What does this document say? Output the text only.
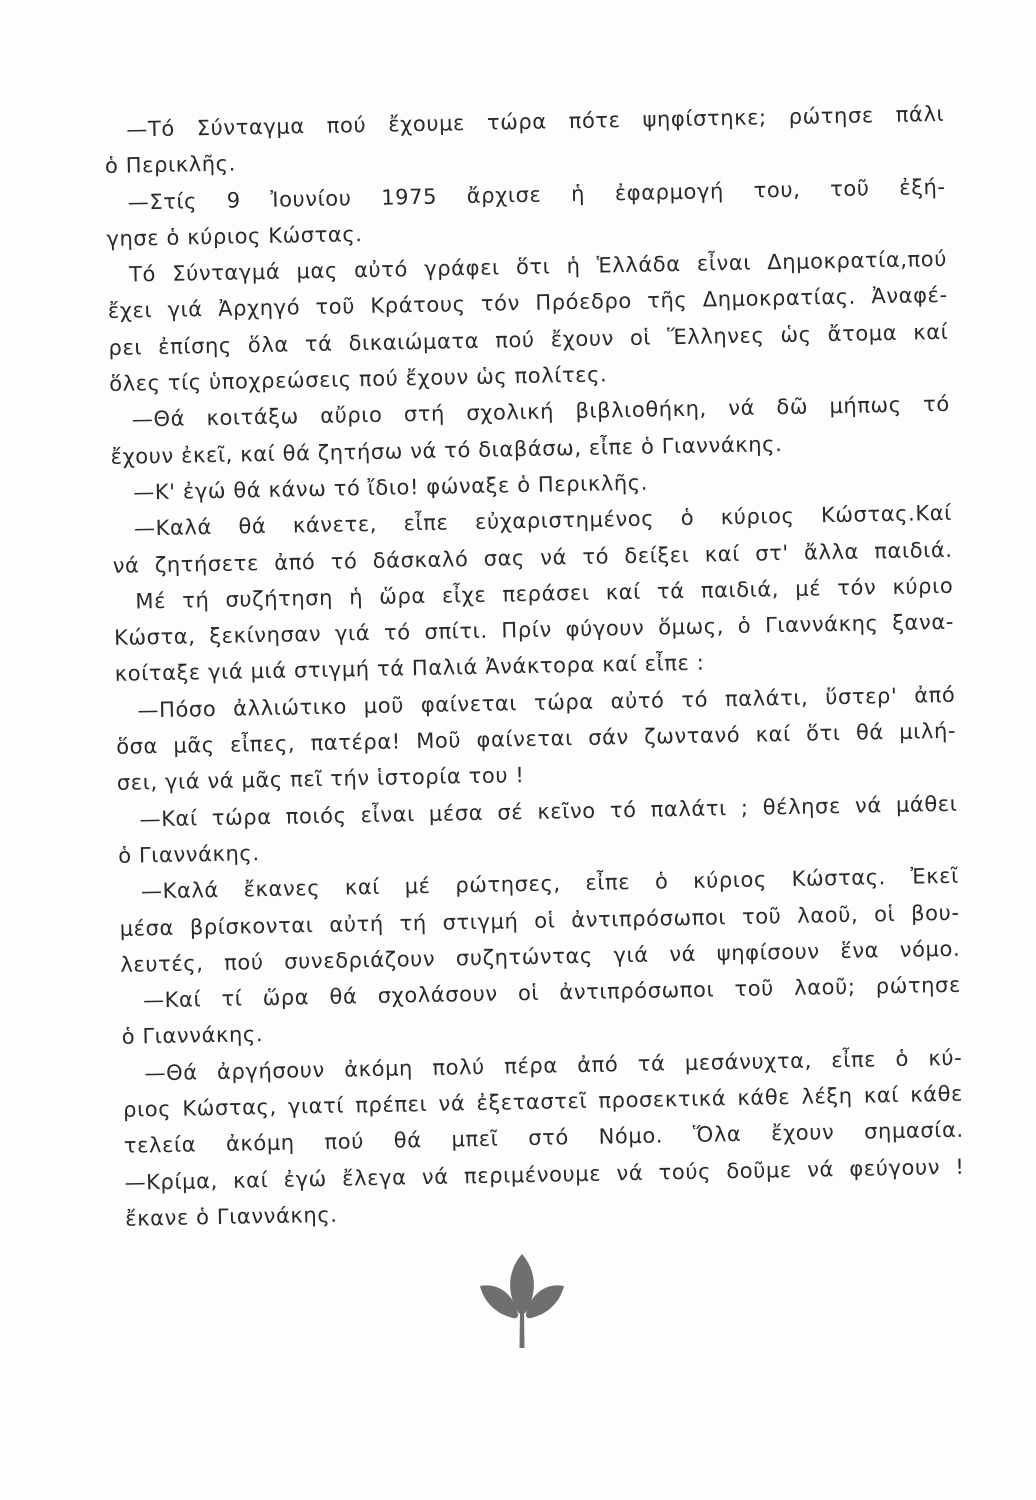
—Τό Σύνταγμα πού ἔχουμε τώρα πότε ψηφίστηκε; ρώτησε πάλι
ὁ Περικλῆς.
—Στίς 9 Ἰουνίου 1975 ἄρχισε ἡ ἐφαρμογή του, τοῦ ἐξή-
γησε ὁ κύριος Κώστας.
Τό Σύνταγμά μας αὐτό γράφει ὅτι ἡ Ἑλλάδα εἶναι Δημοκρατία,πού
ἔχει γιά Ἀρχηγό τοῦ Κράτους τόν Πρόεδρο τῆς Δημοκρατίας. Ἀναφέ-
ρει ἐπίσης ὅλα τά δικαιώματα πού ἔχουν οἱ Ἕλληνες ὡς ἄτομα καί
ὅλες τίς ὑποχρεώσεις πού ἔχουν ὡς πολίτες.
—Θά κοιτάξω αὔριο στή σχολική βιβλιοθήκη, νά δῶ μήπως τό
ἔχουν ἐκεῖ, καί θά ζητήσω νά τό διαβάσω, εἶπε ὁ Γιαννάκης.
—Κ' ἐγώ θά κάνω τό ἴδιο! φώναξε ὁ Περικλῆς.
—Καλά θά κάνετε, εἶπε εὐχαριστημένος ὁ κύριος Κώστας.Καί
νά ζητήσετε ἀπό τό δάσκαλό σας νά τό δείξει καί στ' ἄλλα παιδιά.
Μέ τή συζήτηση ἡ ὥρα εἶχε περάσει καί τά παιδιά, μέ τόν κύριο
Κώστα, ξεκίνησαν γιά τό σπίτι. Πρίν φύγουν ὅμως, ὁ Γιαννάκης ξανα-
κοίταξε γιά μιά στιγμή τά Παλιά Ἀνάκτορα καί εἶπε :
—Πόσο ἀλλιώτικο μοῦ φαίνεται τώρα αὐτό τό παλάτι, ὕστερ' ἀπό
ὅσα μᾶς εἶπες, πατέρα! Μοῦ φαίνεται σάν ζωντανό καί ὅτι θά μιλή-
σει, γιά νά μᾶς πεῖ τήν ἱστορία του !
—Καί τώρα ποιός εἶναι μέσα σέ κεῖνο τό παλάτι ; θέλησε νά μάθει
ὁ Γιαννάκης.
—Καλά ἔκανες καί μέ ρώτησες, εἶπε ὁ κύριος Κώστας. Ἐκεῖ
μέσα βρίσκονται αὐτή τή στιγμή οἱ ἀντιπρόσωποι τοῦ λαοῦ, οἱ βου-
λευτές, πού συνεδριάζουν συζητώντας γιά νά ψηφίσουν ἕνα νόμο.
—Καί τί ὥρα θά σχολάσουν οἱ ἀντιπρόσωποι τοῦ λαοῦ; ρώτησε
ὁ Γιαννάκης.
—Θά ἀργήσουν ἀκόμη πολύ πέρα ἀπό τά μεσάνυχτα, εἶπε ὁ κύ-
ριος Κώστας, γιατί πρέπει νά ἐξεταστεῖ προσεκτικά κάθε λέξη καί κάθε
τελεία ἀκόμη πού θά μπεῖ στό Νόμο. Ὅλα ἔχουν σημασία.
—Κρίμα, καί ἐγώ ἔλεγα νά περιμένουμε νά τούς δοῦμε νά φεύγουν !
ἔκανε ὁ Γιαννάκης.
